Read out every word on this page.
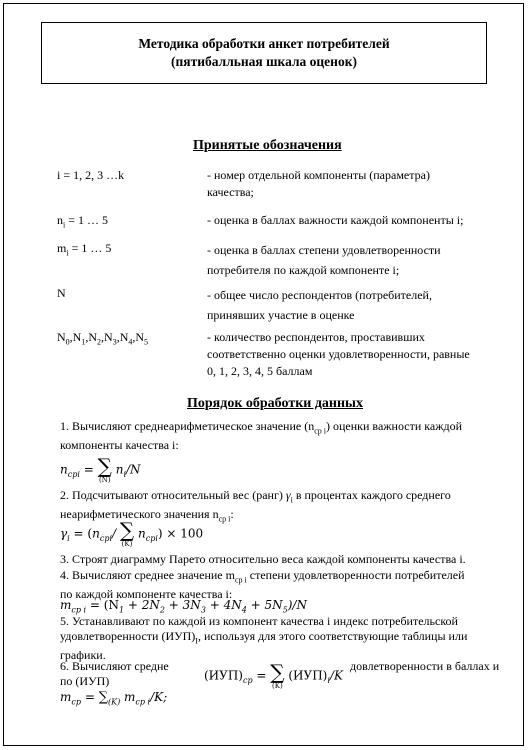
Методика обработки анкет потребителей
(пятибалльная шкала оценок)
Принятые обозначения
i = 1, 2, 3 …k	- номер отдельной компоненты (параметра)
качества;
$n_i = 1$ … 5	- оценка в баллах важности каждой компоненты i;
$m_i = 1$ … 5	- оценка в баллах степени удовлетворенности
потребителя по каждой компоненте i;
N	- общее число респондентов (потребителей,
принявших участие в оценке
$N_0,N_1,N_2,N_3,N_4,N_5$	- количество респондентов, проставивших
соответственно оценки удовлетворенности, равные
0, 1, 2, 3, 4, 5 баллам
Порядок обработки данных
1. Вычисляют среднеарифметическое значение $(n_{cp i})$ оценки важности каждой
компоненты качества i:
$n_{cpi}$ = ∑
(N)
$n_i/N$
2. Подсчитывают относительный вес (ранг) $\gamma_i$ в процентах каждого среднего
неарифметического значения $n_{cp i}$:
$\gamma_i = (n_{cpi}/$ ∑
(K)
$n_{cpi}) \times 100$
3. Строят диаграмму Парето относительно веса каждой компоненты качества i.
4. Вычисляют среднее значение $m_{cp i}$ степени удовлетворенности потребителей
по каждой компоненте качества i:
$m_{cp i} = (N_1 + 2N_2 + 3N_3 + 4N_4 + 5N_5)/N$
5. Устанавливают по каждой из компонент качества i индекс потребительской
удовлетворенности $(ИУП)_I$, используя для этого соответствующие таблицы или
графики.
6. Вычисляют средне	довлетворенности в баллах и
по (ИУП)
$m_{cp} = \sum_{(K)}$ $m_{cp i}/K$;
$(ИУП)_{ср}$ = ∑
(K)
$(ИУП)_i/K$
